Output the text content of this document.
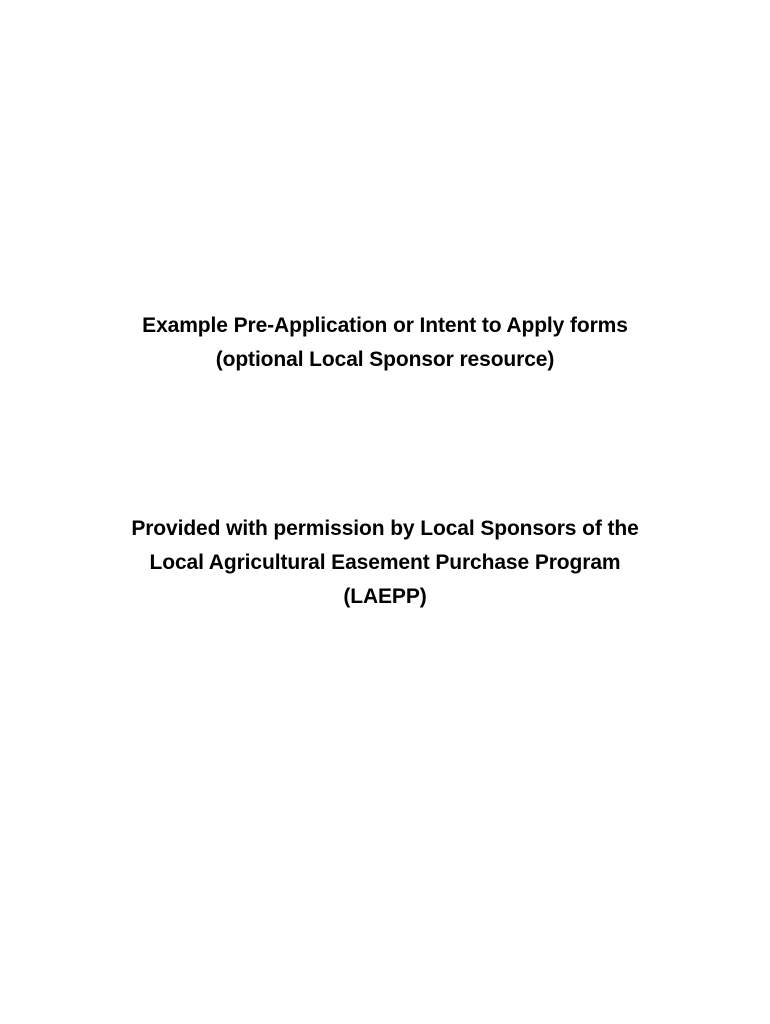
Example Pre-Application or Intent to Apply forms
(optional Local Sponsor resource)
Provided with permission by Local Sponsors of the
Local Agricultural Easement Purchase Program
(LAEPP)
